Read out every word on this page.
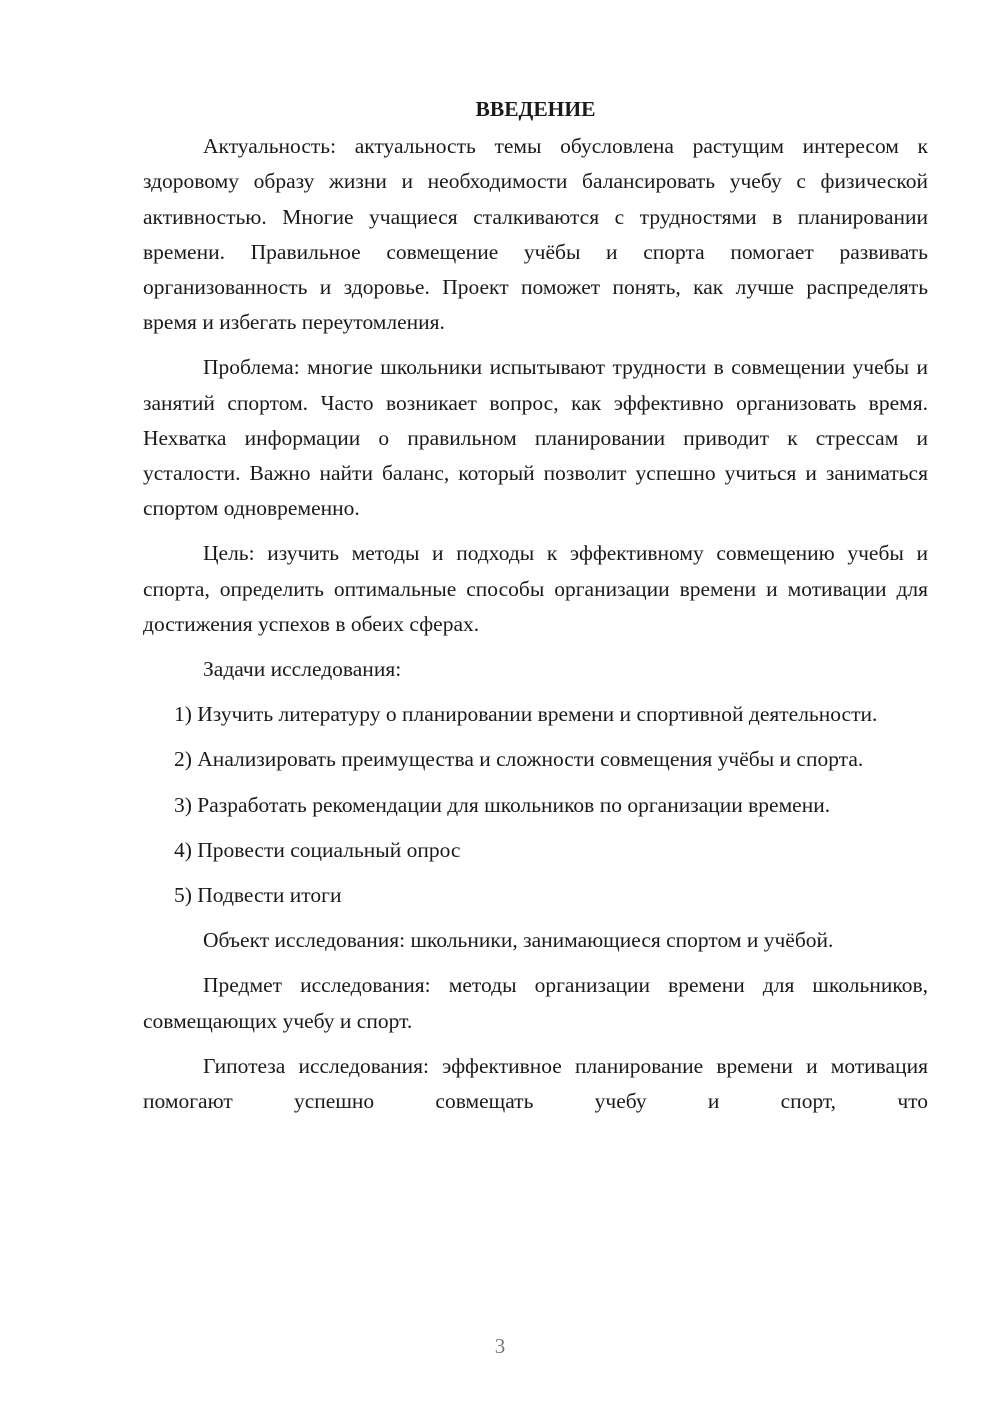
ВВЕДЕНИЕ

Актуальность: актуальность темы обусловлена растущим интересом к здоровому образу жизни и необходимости балансировать учебу с физической активностью. Многие учащиеся сталкиваются с трудностями в планировании времени. Правильное совмещение учёбы и спорта помогает развивать организованность и здоровье. Проект поможет понять, как лучше распределять время и избегать переутомления.

Проблема: многие школьники испытывают трудности в совмещении учебы и занятий спортом. Часто возникает вопрос, как эффективно организовать время. Нехватка информации о правильном планировании приводит к стрессам и усталости. Важно найти баланс, который позволит успешно учиться и заниматься спортом одновременно.

Цель: изучить методы и подходы к эффективному совмещению учебы и спорта, определить оптимальные способы организации времени и мотивации для достижения успехов в обеих сферах.

Задачи исследования:

1) Изучить литературу о планировании времени и спортивной деятельности.

2) Анализировать преимущества и сложности совмещения учёбы и спорта.

3) Разработать рекомендации для школьников по организации времени.

4) Провести социальный опрос

5) Подвести итоги

Объект исследования: школьники, занимающиеся спортом и учёбой.

Предмет исследования: методы организации времени для школьников, совмещающих учебу и спорт.

Гипотеза исследования: эффективное планирование времени и мотивация помогают успешно совмещать учебу и спорт, что

3
